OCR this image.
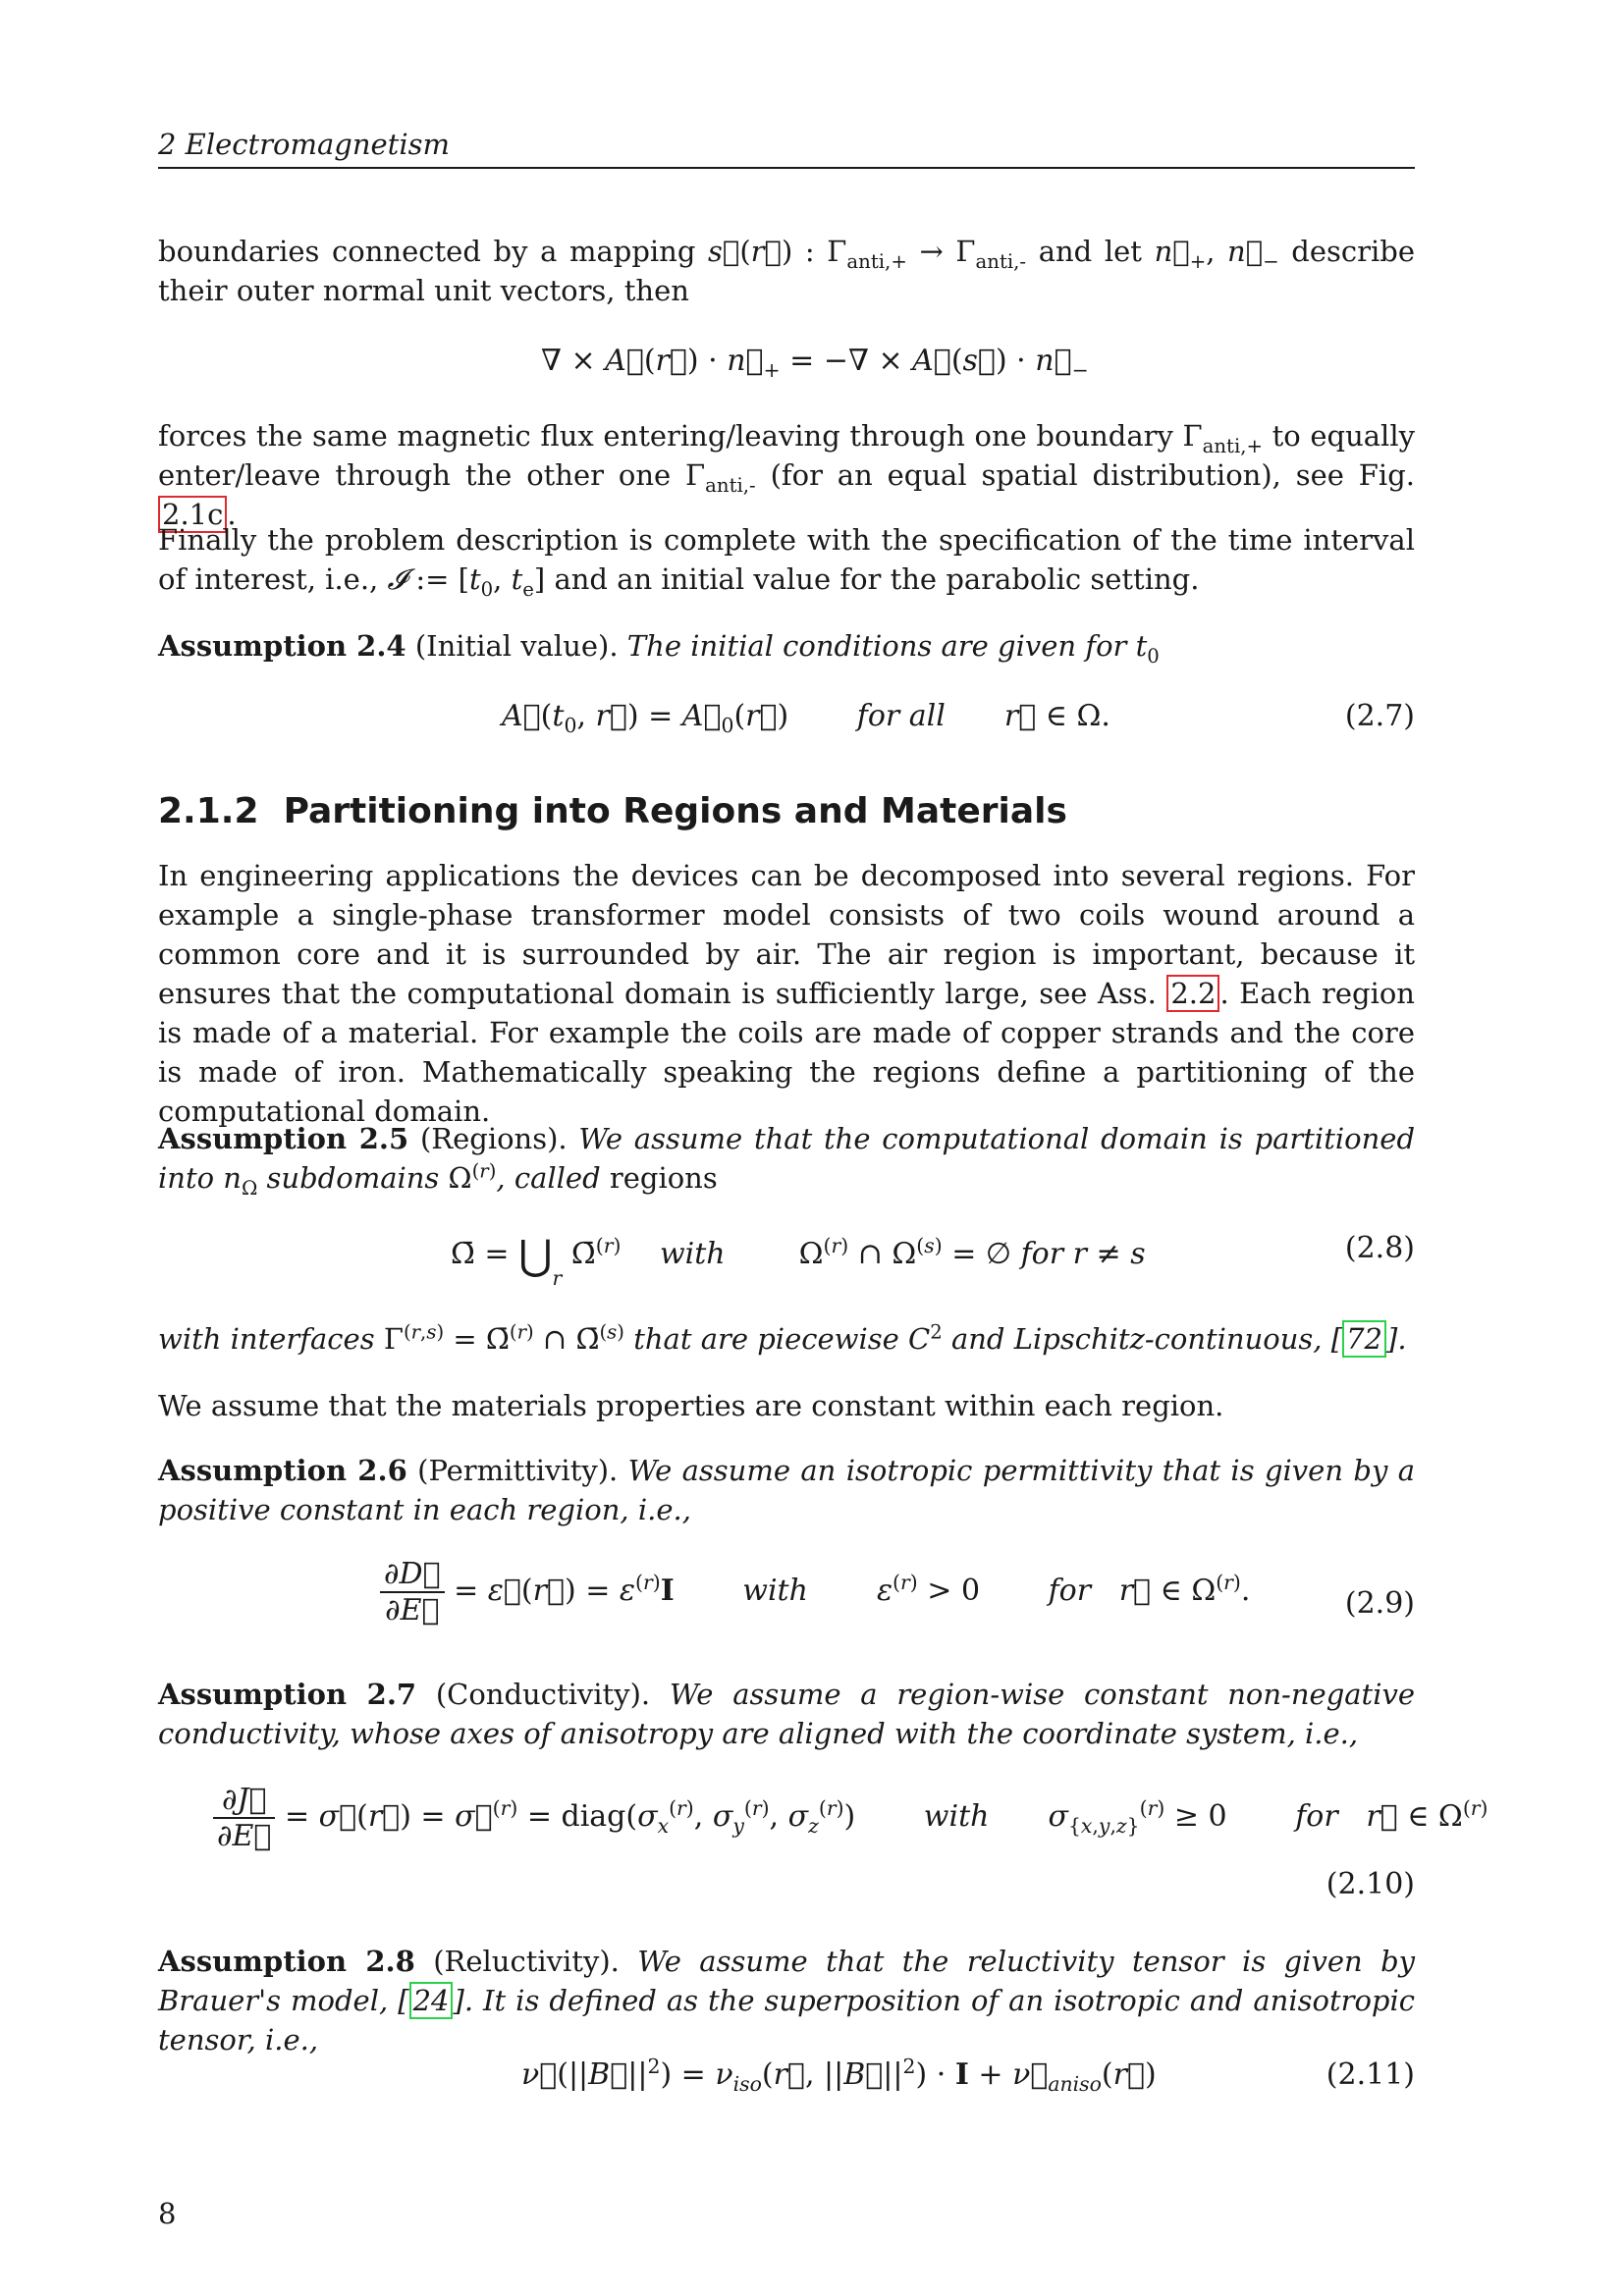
2 Electromagnetism
boundaries connected by a mapping s⃗(r⃗) : $\Gamma_{anti,+} \to \Gamma_{anti,-}$ and let $n⃗_+$, $n⃗_-$ describe their outer normal unit vectors, then
∇ × A⃗(r⃗) · $n⃗_+$ = −∇ × A⃗(s⃗) · $n⃗_-$
forces the same magnetic flux entering/leaving through one boundary $\Gamma_{anti,+}$ to equally enter/leave through the other one $\Gamma_{anti,-}$ (for an equal spatial distribution), see Fig. 2.1c .
Finally the problem description is complete with the specification of the time interval of interest, i.e., 𝓘 := [$t_0$, $t_e$] and an initial value for the parabolic setting.
Assumption 2.4 (Initial value). The initial conditions are given for $t_0$
$A⃗(t_0$, r⃗) = $A⃗_0(r⃗)$ for all r⃗ ∈ Ω.	(2.7)
2.1.2 Partitioning into Regions and Materials
In engineering applications the devices can be decomposed into several regions. For example a single-phase transformer model consists of two coils wound around a common core and it is surrounded by air. The air region is important, because it ensures that the computational domain is sufficiently large, see Ass. 2.2 . Each region is made of a material. For example the coils are made of copper strands and the core is made of iron. Mathematically speaking the regions define a partitioning of the computational domain.
Assumption 2.5 (Regions). We assume that the computational domain is partitioned into $n_\Omega$ subdomains $\Omega^{(r)}$, called regions
Ω̄ = $⋃_r$ Ω̄$^{(r)}$ with	$\Omega^{(r)}$ ∩ $\Omega^{(s)}$ = ∅ for r ≠ s	(2.8)
with interfaces Γ$^{(r,s)}$ = Ω̄$^{(r)}$ ∩ Ω̄$^{(s)}$ that are piecewise $C^2$ and Lipschitz-continuous, [ 72 ].
We assume that the materials properties are constant within each region.
Assumption 2.6 (Permittivity). We assume an isotropic permittivity that is given by a positive constant in each region, i.e.,
$\frac{\partial D⃗}{\partial E⃗}$ = ε⃗(r⃗) = $\varepsilon^{(r)}I$ with $\varepsilon^{(r)} > 0$ for r⃗ ∈ $\Omega^{(r)}$.	(2.9)
Assumption 2.7 (Conductivity). We assume a region-wise constant non-negative conductivity, whose axes of anisotropy are aligned with the coordinate system, i.e.,
$\frac{\partial J⃗}{\partial E⃗}$ = σ⃗(r⃗) = σ⃗$^{(r)}$ = $diag(\sigma_x^{(r)}$, $\sigma_y^{(r)}$, $\sigma_z^{(r)}$) with $\sigma_{\{x,y,z\}}^{(r)} \ge 0$ for r⃗ ∈ $\Omega^{(r)}$
(2.10)
Assumption 2.8 (Reluctivity). We assume that the reluctivity tensor is given by Brauer's model, [ 24 ]. It is defined as the superposition of an isotropic and anisotropic tensor, i.e.,
$\nu⃗(||B⃗||^2)$ = $\nu_{iso}(r⃗$, $||B⃗||^2) \cdot I$ + $\nu⃗_{aniso}(r⃗)$	(2.11)
8
